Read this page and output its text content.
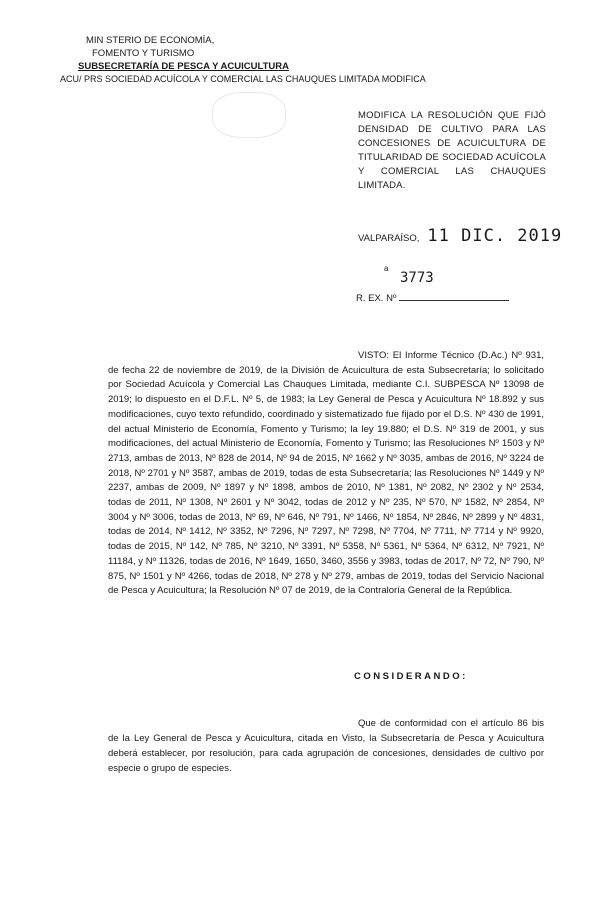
MIN STERIO DE ECONOMÍA,
FOMENTO Y TURISMO
SUBSECRETARÍA DE PESCA Y ACUICULTURA
ACU/ PRS SOCIEDAD ACUÍCOLA Y COMERCIAL LAS CHAUQUES LIMITADA MODIFICA
MODIFICA LA RESOLUCIÓN QUE FIJÓ DENSIDAD DE CULTIVO PARA LAS CONCESIONES DE ACUICULTURA DE TITULARIDAD DE SOCIEDAD ACUÍCOLA Y COMERCIAL LAS CHAUQUES LIMITADA.
VALPARAÍSO, 11 DIC. 2019
a
3773
R. EX. Nº
VISTO: El Informe Técnico (D.Ac.) Nº 931, de fecha 22 de noviembre de 2019, de la División de Acuicultura de esta Subsecretaría; lo solicitado por Sociedad Acuícola y Comercial Las Chauques Limitada, mediante C.I. SUBPESCA Nº 13098 de 2019; lo dispuesto en el D.F.L. Nº 5, de 1983; la Ley General de Pesca y Acuicultura Nº 18.892 y sus modificaciones, cuyo texto refundido, coordinado y sistematizado fue fijado por el D.S. Nº 430 de 1991, del actual Ministerio de Economía, Fomento y Turismo; la ley 19.880; el D.S. Nº 319 de 2001, y sus modificaciones, del actual Ministerio de Economía, Fomento y Turismo; las Resoluciones Nº 1503 y Nº 2713, ambas de 2013, Nº 828 de 2014, Nº 94 de 2015, Nº 1662 y Nº 3035, ambas de 2016, Nº 3224 de 2018, Nº 2701 y Nº 3587, ambas de 2019, todas de esta Subsecretaría; las Resoluciones Nº 1449 y Nº 2237, ambas de 2009, Nº 1897 y Nº 1898, ambos de 2010, Nº 1381, Nº 2082, Nº 2302 y Nº 2534, todas de 2011, Nº 1308, Nº 2601 y Nº 3042, todas de 2012 y Nº 235, Nº 570, Nº 1582, Nº 2854, Nº 3004 y Nº 3006, todas de 2013, Nº 69, Nº 646, Nº 791, Nº 1466, Nº 1854, Nº 2846, Nº 2899 y Nº 4831, todas de 2014, Nº 1412, Nº 3352, Nº 7296, Nº 7297, Nº 7298, Nº 7704, Nº 7711, Nº 7714 y Nº 9920, todas de 2015, Nº 142, Nº 785, Nº 3210, Nº 3391, Nº 5358, Nº 5361, Nº 5364, Nº 6312, Nº 7921, Nº 11184, y Nº 11326, todas de 2016, Nº 1649, 1650, 3460, 3556 y 3983, todas de 2017, Nº 72, Nº 790, Nº 875, Nº 1501 y Nº 4266, todas de 2018, Nº 278 y Nº 279, ambas de 2019, todas del Servicio Nacional de Pesca y Acuicultura; la Resolución Nº 07 de 2019, de la Contraloría General de la República.
CONSIDERANDO:
Que de conformidad con el artículo 86 bis de la Ley General de Pesca y Acuicultura, citada en Visto, la Subsecretaría de Pesca y Acuicultura deberá establecer, por resolución, para cada agrupación de concesiones, densidades de cultivo por especie o grupo de especies.
